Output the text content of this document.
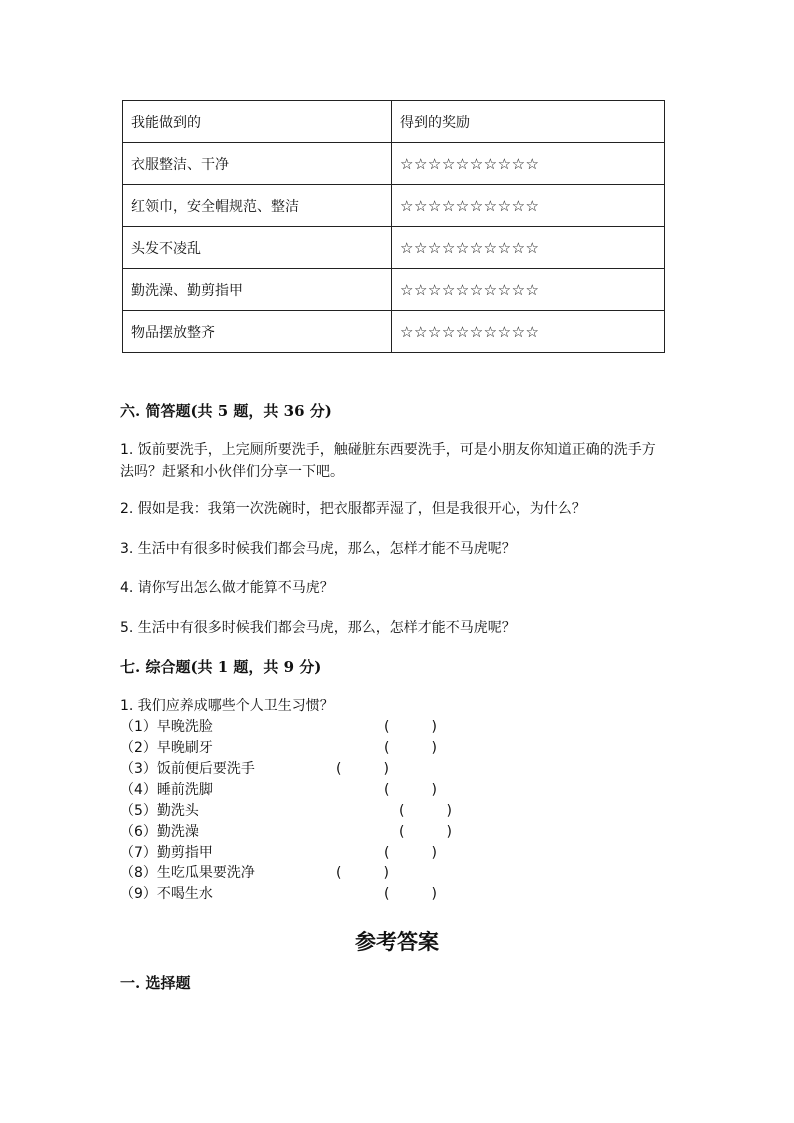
我能做到的	得到的奖励
衣服整洁、干净	☆☆☆☆☆☆☆☆☆☆
红领巾，安全帽规范、整洁	☆☆☆☆☆☆☆☆☆☆
头发不凌乱	☆☆☆☆☆☆☆☆☆☆
勤洗澡、勤剪指甲	☆☆☆☆☆☆☆☆☆☆
物品摆放整齐	☆☆☆☆☆☆☆☆☆☆
六. 简答题(共 5 题，共 36 分)
1. 饭前要洗手，上完厕所要洗手，触碰脏东西要洗手，可是小朋友你知道正确的洗手方法吗？赶紧和小伙伴们分享一下吧。
2. 假如是我：我第一次洗碗时，把衣服都弄湿了，但是我很开心，为什么？
3. 生活中有很多时候我们都会马虎，那么，怎样才能不马虎呢？
4. 请你写出怎么做才能算不马虎？
5. 生活中有很多时候我们都会马虎，那么，怎样才能不马虎呢？
七. 综合题(共 1 题，共 9 分)
1. 我们应养成哪些个人卫生习惯？
（1）早晚洗脸	(　　　)
（2）早晚刷牙	(　　　)
（3）饭前便后要洗手	(　　　)
（4）睡前洗脚	(　　　)
（5）勤洗头	(　　　)
（6）勤洗澡	(　　　)
（7）勤剪指甲	(　　　)
（8）生吃瓜果要洗净	(　　　)
（9）不喝生水	(　　　)
参考答案
一. 选择题
